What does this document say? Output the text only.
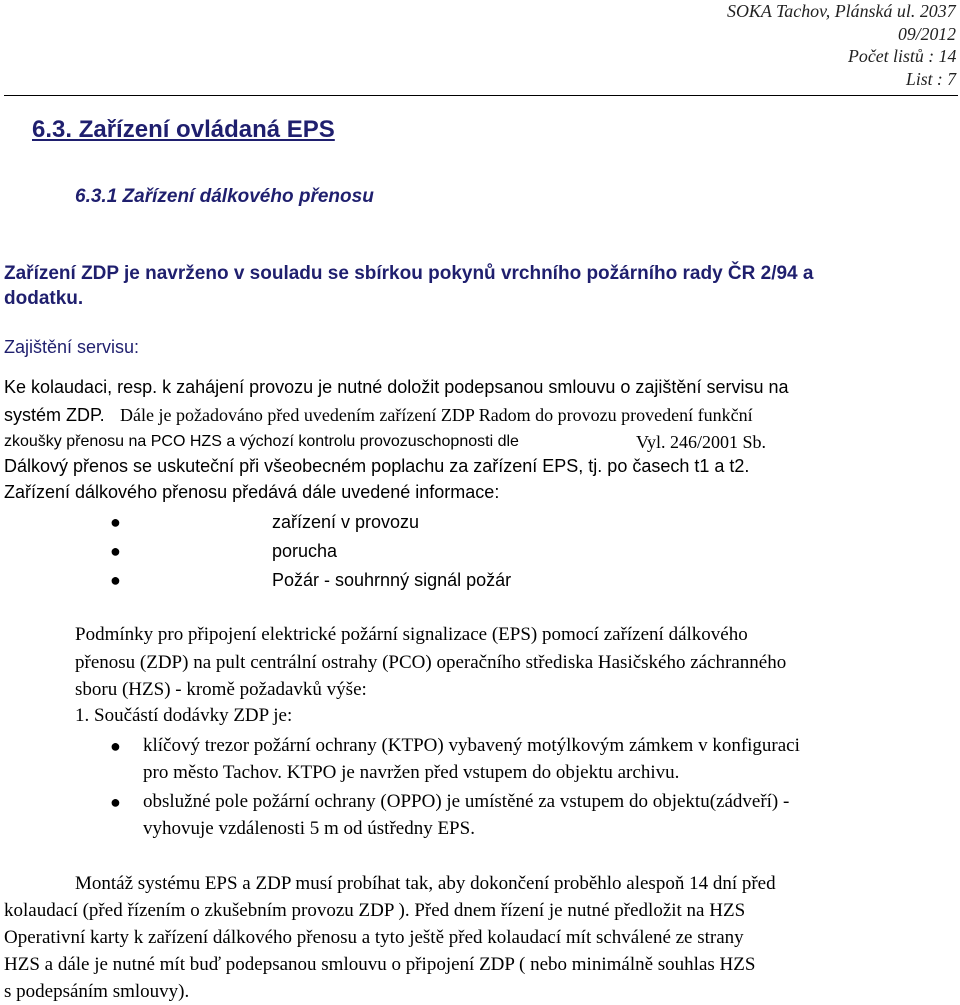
SOKA Tachov, Plánská ul. 2037
09/2012
Počet listů : 14
List : 7
6.3. Zařízení ovládaná EPS
6.3.1 Zařízení dálkového přenosu
Zařízení ZDP je navrženo v souladu se sbírkou pokynů vrchního požárního rady ČR 2/94 a
dodatku.
Zajištění servisu:
Ke kolaudaci, resp. k zahájení provozu je nutné doložit podepsanou smlouvu o zajištění servisu na
systém ZDP. Dále je požadováno před uvedením zařízení ZDP Radom do provozu provedení funkční
zkoušky přenosu na PCO HZS a výchozí kontrolu provozuschopnosti dle	Vyl. 246/2001 Sb.
Dálkový přenos se uskuteční při všeobecném poplachu za zařízení EPS, tj. po časech t1 a t2.
Zařízení dálkového přenosu předává dále uvedené informace:
●	zařízení v provozu
●	porucha
●	Požár - souhrnný signál požár
Podmínky pro připojení elektrické požární signalizace (EPS) pomocí zařízení dálkového
přenosu (ZDP) na pult centrální ostrahy (PCO) operačního střediska Hasičského záchranného
sboru (HZS) - kromě požadavků výše:
1. Součástí dodávky ZDP je:
● klíčový trezor požární ochrany (KTPO) vybavený motýlkovým zámkem v konfiguraci
pro město Tachov. KTPO je navržen před vstupem do objektu archivu.
● obslužné pole požární ochrany (OPPO) je umístěné za vstupem do objektu(zádveří) -
vyhovuje vzdálenosti 5 m od ústředny EPS.
Montáž systému EPS a ZDP musí probíhat tak, aby dokončení proběhlo alespoň 14 dní před
kolaudací (před řízením o zkušebním provozu ZDP ). Před dnem řízení je nutné předložit na HZS
Operativní karty k zařízení dálkového přenosu a tyto ještě před kolaudací mít schválené ze strany
HZS a dále je nutné mít buď podepsanou smlouvu o připojení ZDP ( nebo minimálně souhlas HZS
s podepsáním smlouvy).
